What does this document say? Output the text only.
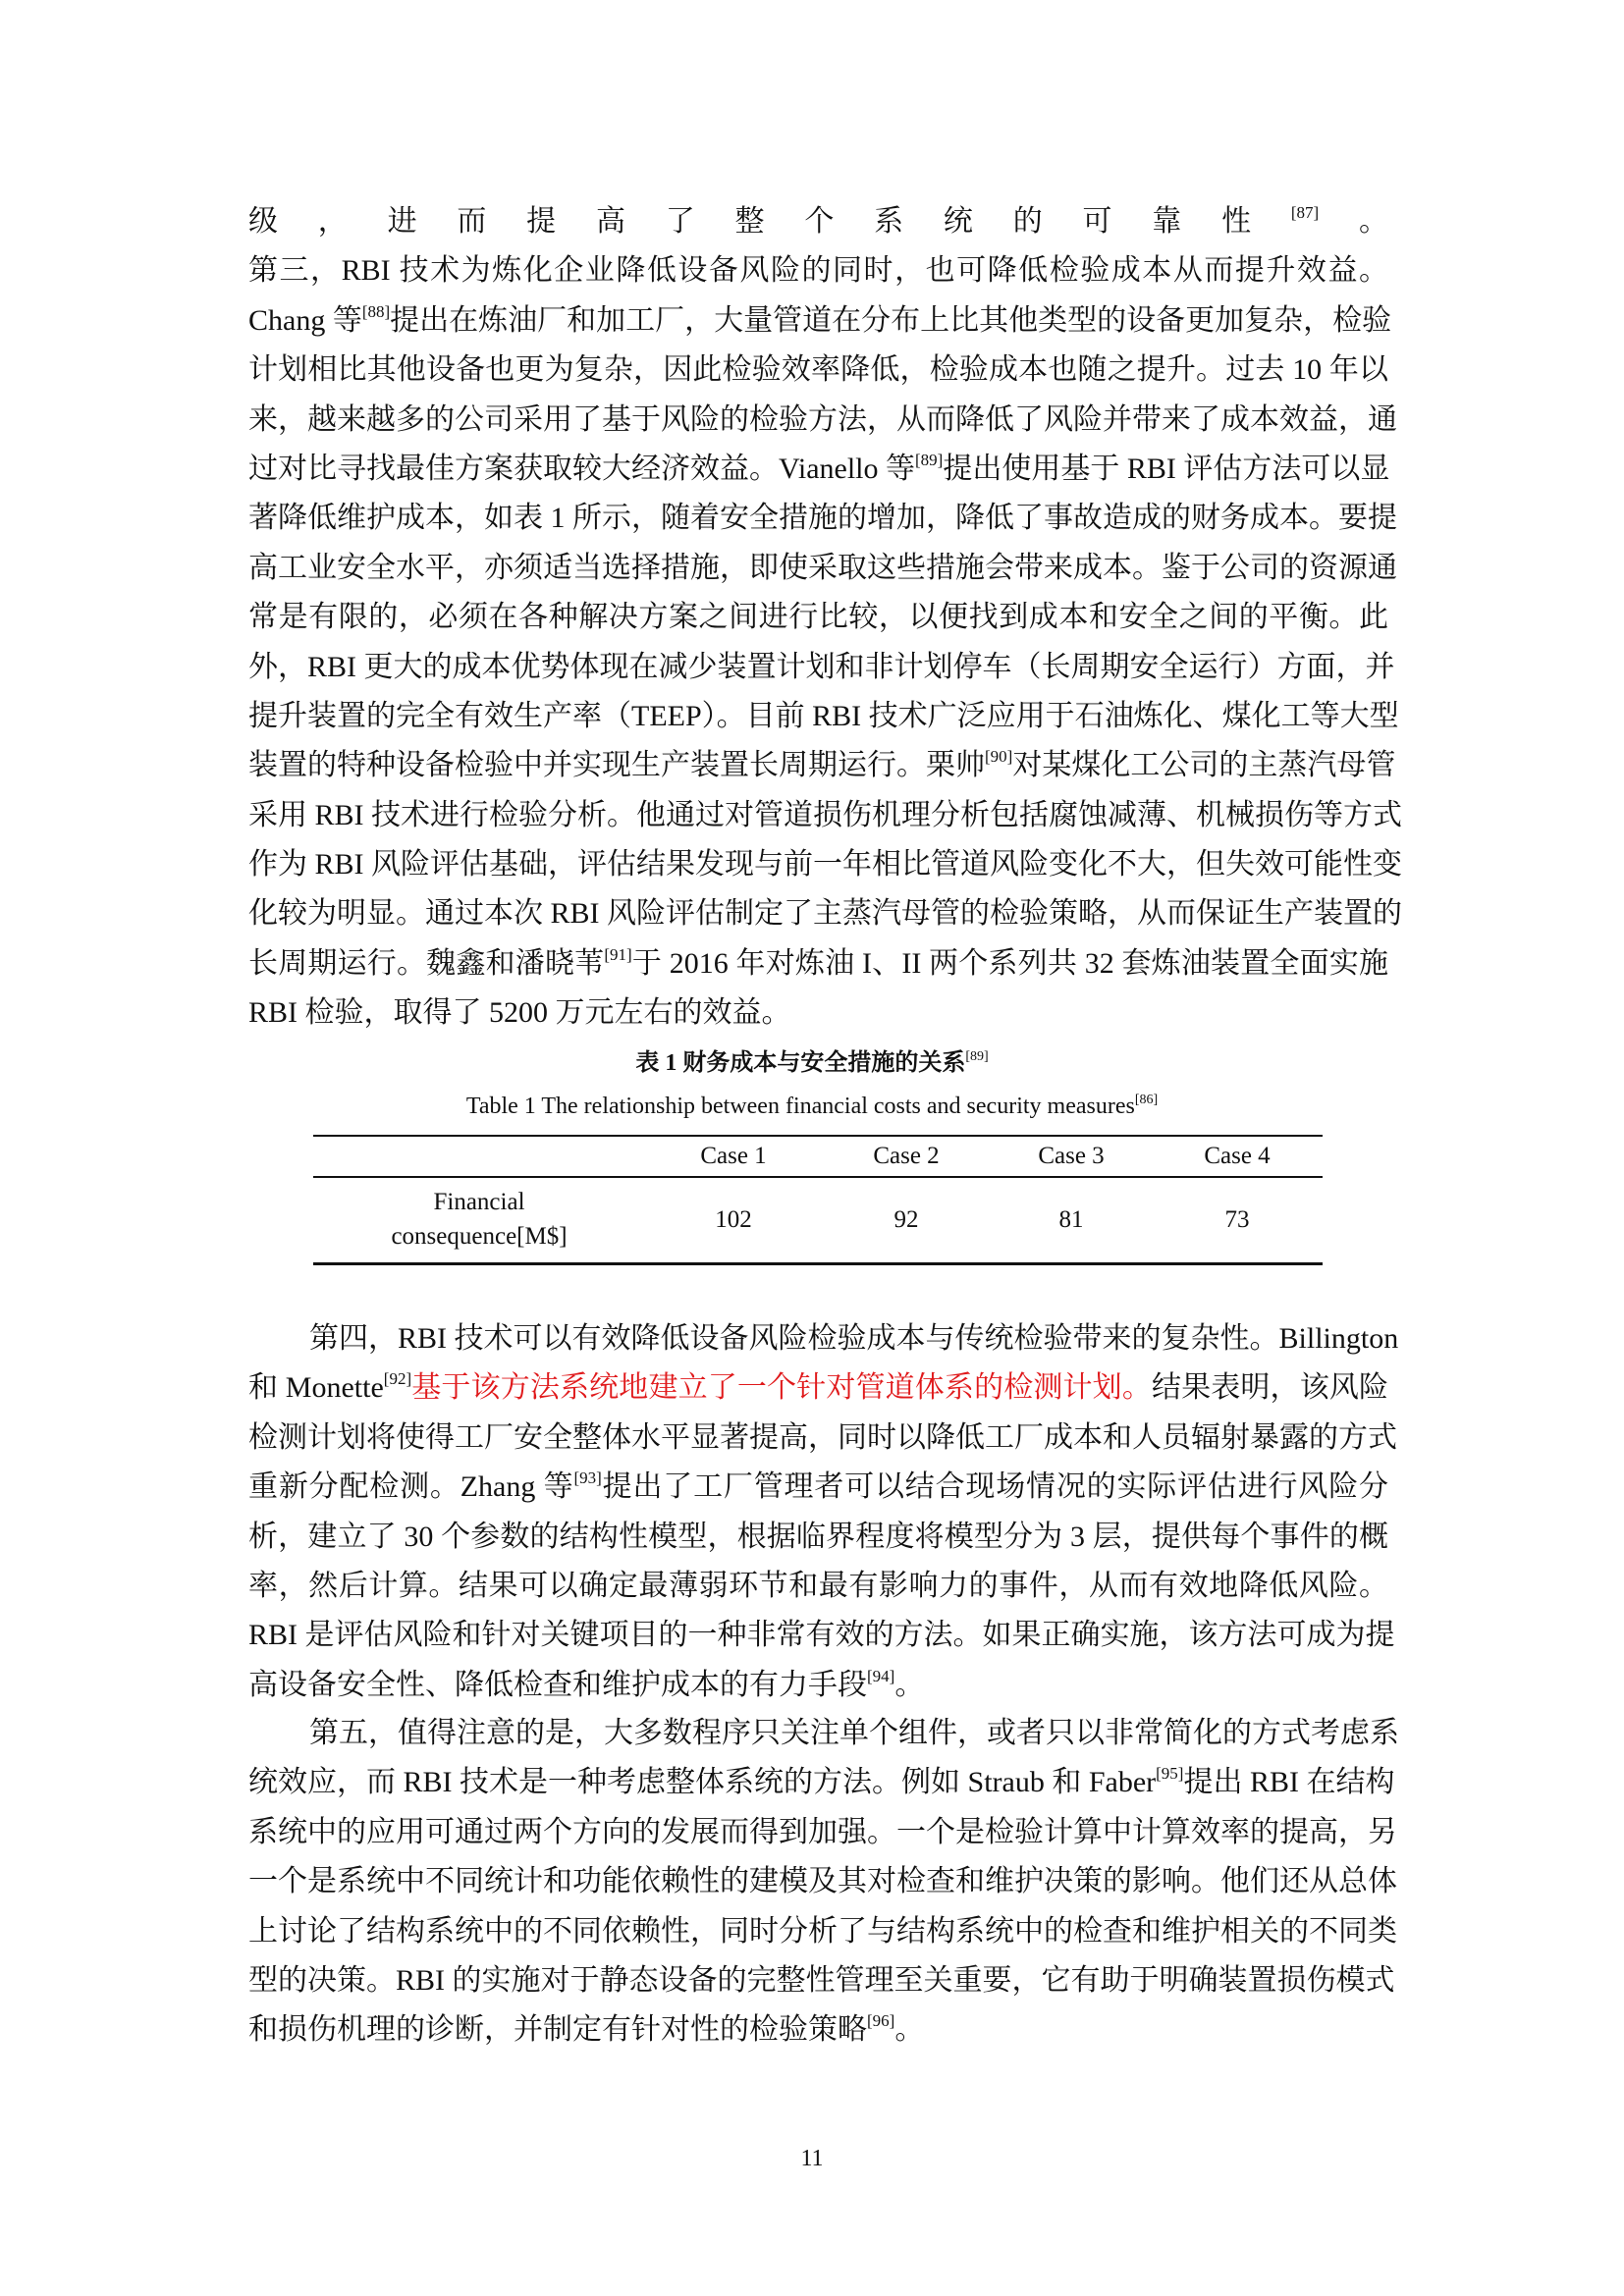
级，进而提高了整个系统的可靠性[87]。
第三，RBI 技术为炼化企业降低设备风险的同时，也可降低检验成本从而提升效益。
Chang 等[88]提出在炼油厂和加工厂，大量管道在分布上比其他类型的设备更加复杂，检验
计划相比其他设备也更为复杂，因此检验效率降低，检验成本也随之提升。过去 10 年以
来，越来越多的公司采用了基于风险的检验方法，从而降低了风险并带来了成本效益，通
过对比寻找最佳方案获取较大经济效益。Vianello 等[89]提出使用基于 RBI 评估方法可以显
著降低维护成本，如表 1 所示，随着安全措施的增加，降低了事故造成的财务成本。要提
高工业安全水平，亦须适当选择措施，即使采取这些措施会带来成本。鉴于公司的资源通
常是有限的，必须在各种解决方案之间进行比较，以便找到成本和安全之间的平衡。此
外，RBI 更大的成本优势体现在减少装置计划和非计划停车（长周期安全运行）方面，并
提升装置的完全有效生产率（TEEP）。目前 RBI 技术广泛应用于石油炼化、煤化工等大型
装置的特种设备检验中并实现生产装置长周期运行。栗帅[90]对某煤化工公司的主蒸汽母管
采用 RBI 技术进行检验分析。他通过对管道损伤机理分析包括腐蚀减薄、机械损伤等方式
作为 RBI 风险评估基础，评估结果发现与前一年相比管道风险变化不大，但失效可能性变
化较为明显。通过本次 RBI 风险评估制定了主蒸汽母管的检验策略，从而保证生产装置的
长周期运行。魏鑫和潘晓苇[91]于 2016 年对炼油 I、II 两个系列共 32 套炼油装置全面实施
RBI 检验，取得了 5200 万元左右的效益。
表 1 财务成本与安全措施的关系[89]
Table 1 The relationship between financial costs and security measures[86]
	Case 1	Case 2	Case 3	Case 4
Financial
consequence[M$]	102	92	81	73
第四，RBI 技术可以有效降低设备风险检验成本与传统检验带来的复杂性。Billington
和 Monette[92]基于该方法系统地建立了一个针对管道体系的检测计划。结果表明，该风险
检测计划将使得工厂安全整体水平显著提高，同时以降低工厂成本和人员辐射暴露的方式
重新分配检测。Zhang 等[93]提出了工厂管理者可以结合现场情况的实际评估进行风险分
析，建立了 30 个参数的结构性模型，根据临界程度将模型分为 3 层，提供每个事件的概
率，然后计算。结果可以确定最薄弱环节和最有影响力的事件，从而有效地降低风险。
RBI 是评估风险和针对关键项目的一种非常有效的方法。如果正确实施，该方法可成为提
高设备安全性、降低检查和维护成本的有力手段[94]。
第五，值得注意的是，大多数程序只关注单个组件，或者只以非常简化的方式考虑系
统效应，而 RBI 技术是一种考虑整体系统的方法。例如 Straub 和 Faber[95]提出 RBI 在结构
系统中的应用可通过两个方向的发展而得到加强。一个是检验计算中计算效率的提高，另
一个是系统中不同统计和功能依赖性的建模及其对检查和维护决策的影响。他们还从总体
上讨论了结构系统中的不同依赖性，同时分析了与结构系统中的检查和维护相关的不同类
型的决策。RBI 的实施对于静态设备的完整性管理至关重要，它有助于明确装置损伤模式
和损伤机理的诊断，并制定有针对性的检验策略[96]。
11
